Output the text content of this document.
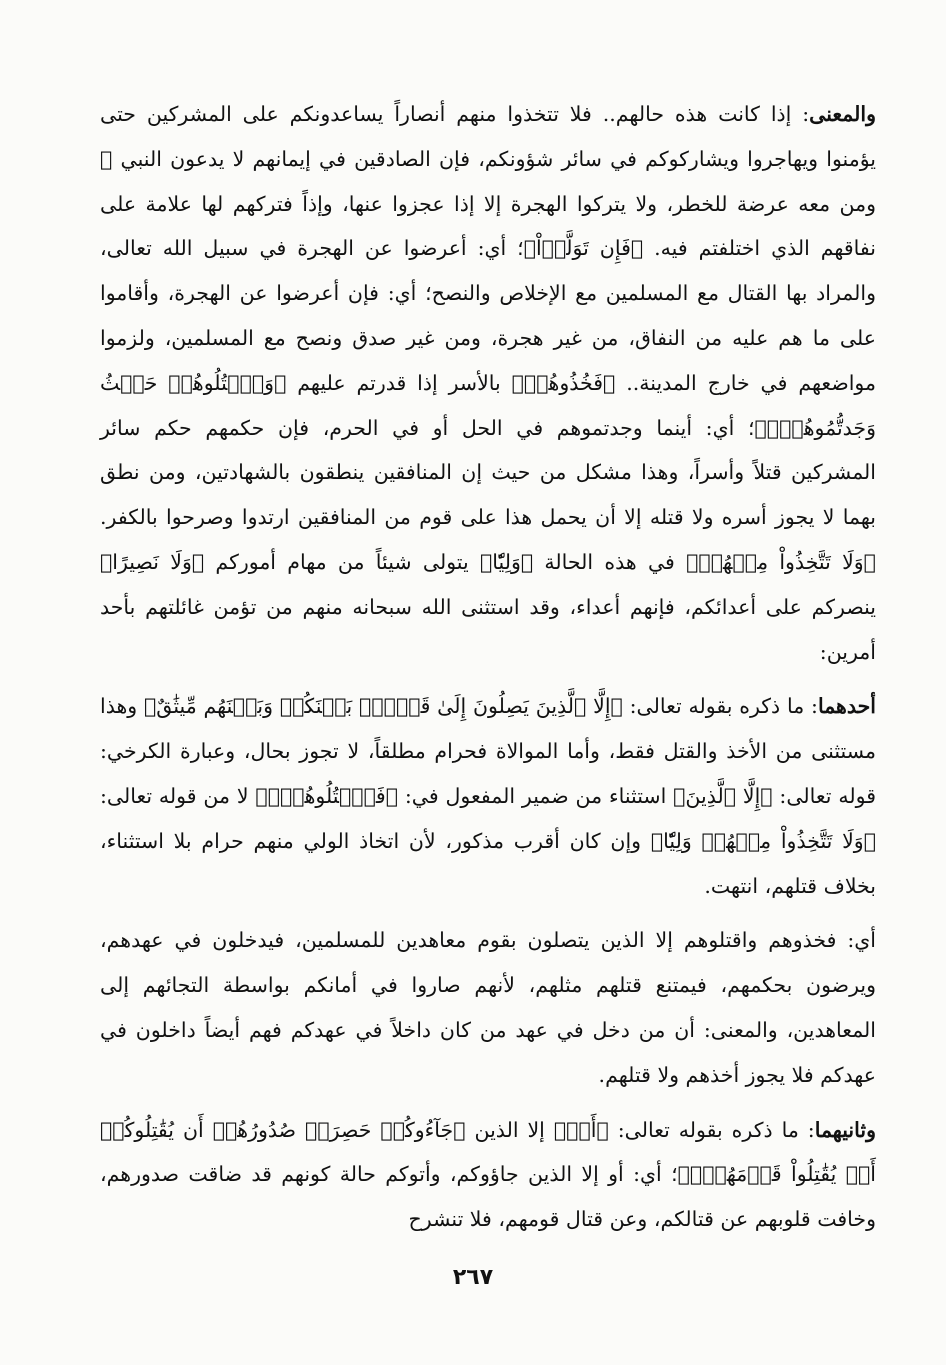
والمعنى: إذا كانت هذه حالهم.. فلا تتخذوا منهم أنصاراً يساعدونكم على المشركين حتى يؤمنوا ويهاجروا ويشاركوكم في سائر شؤونكم، فإن الصادقين في إيمانهم لا يدعون النبي ﷺ ومن معه عرضة للخطر، ولا يتركوا الهجرة إلا إذا عجزوا عنها، وإذاً فتركهم لها علامة على نفاقهم الذي اختلفتم فيه. ﴿فَإِن تَوَلَّوۡاْ﴾؛ أي: أعرضوا عن الهجرة في سبيل الله تعالى، والمراد بها القتال مع المسلمين مع الإخلاص والنصح؛ أي: فإن أعرضوا عن الهجرة، وأقاموا على ما هم عليه من النفاق، من غير هجرة، ومن غير صدق ونصح مع المسلمين، ولزموا مواضعهم في خارج المدينة.. ﴿فَخُذُوهُمۡ﴾ بالأسر إذا قدرتم عليهم ﴿وَٱقۡتُلُوهُمۡ حَيۡثُ وَجَدتُّمُوهُمۡۖ﴾؛ أي: أينما وجدتموهم في الحل أو في الحرم، فإن حكمهم حكم سائر المشركين قتلاً وأسراً، وهذا مشكل من حيث إن المنافقين ينطقون بالشهادتين، ومن نطق بهما لا يجوز أسره ولا قتله إلا أن يحمل هذا على قوم من المنافقين ارتدوا وصرحوا بالكفر. ﴿وَلَا تَتَّخِذُواْ مِنۡهُمۡ﴾ في هذه الحالة ﴿وَلِيّٗا﴾ يتولى شيئاً من مهام أموركم ﴿وَلَا نَصِيرًا﴾ ينصركم على أعدائكم، فإنهم أعداء، وقد استثنى الله سبحانه منهم من تؤمن غائلتهم بأحد أمرين:

أحدهما: ما ذكره بقوله تعالى: ﴿إِلَّا ٱلَّذِينَ يَصِلُونَ إِلَىٰ قَوۡمِۭ بَيۡنَكُمۡ وَبَيۡنَهُم مِّيثَٰقٌ﴾ وهذا مستثنى من الأخذ والقتل فقط، وأما الموالاة فحرام مطلقاً، لا تجوز بحال، وعبارة الكرخي: قوله تعالى: ﴿إِلَّا ٱلَّذِينَ﴾ استثناء من ضمير المفعول في: ﴿فَٱقۡتُلُوهُمۡۚ﴾ لا من قوله تعالى: ﴿وَلَا تَتَّخِذُواْ مِنۡهُمۡ وَلِيّٗا﴾ وإن كان أقرب مذكور، لأن اتخاذ الولي منهم حرام بلا استثناء، بخلاف قتلهم، انتهت.

أي: فخذوهم واقتلوهم إلا الذين يتصلون بقوم معاهدين للمسلمين، فيدخلون في عهدهم، ويرضون بحكمهم، فيمتنع قتلهم مثلهم، لأنهم صاروا في أمانكم بواسطة التجائهم إلى المعاهدين، والمعنى: أن من دخل في عهد من كان داخلاً في عهدكم فهم أيضاً داخلون في عهدكم فلا يجوز أخذهم ولا قتلهم.

وثانيهما: ما ذكره بقوله تعالى: ﴿أَوۡ﴾ إلا الذين ﴿جَآءُوكُمۡ حَصِرَتۡ صُدُورُهُمۡ أَن يُقَٰتِلُوكُمۡ أَوۡ يُقَٰتِلُواْ قَوۡمَهُمۡۚ﴾؛ أي: أو إلا الذين جاؤوكم، وأتوكم حالة كونهم قد ضاقت صدورهم، وخافت قلوبهم عن قتالكم، وعن قتال قومهم، فلا تنشرح

٢٦٧
